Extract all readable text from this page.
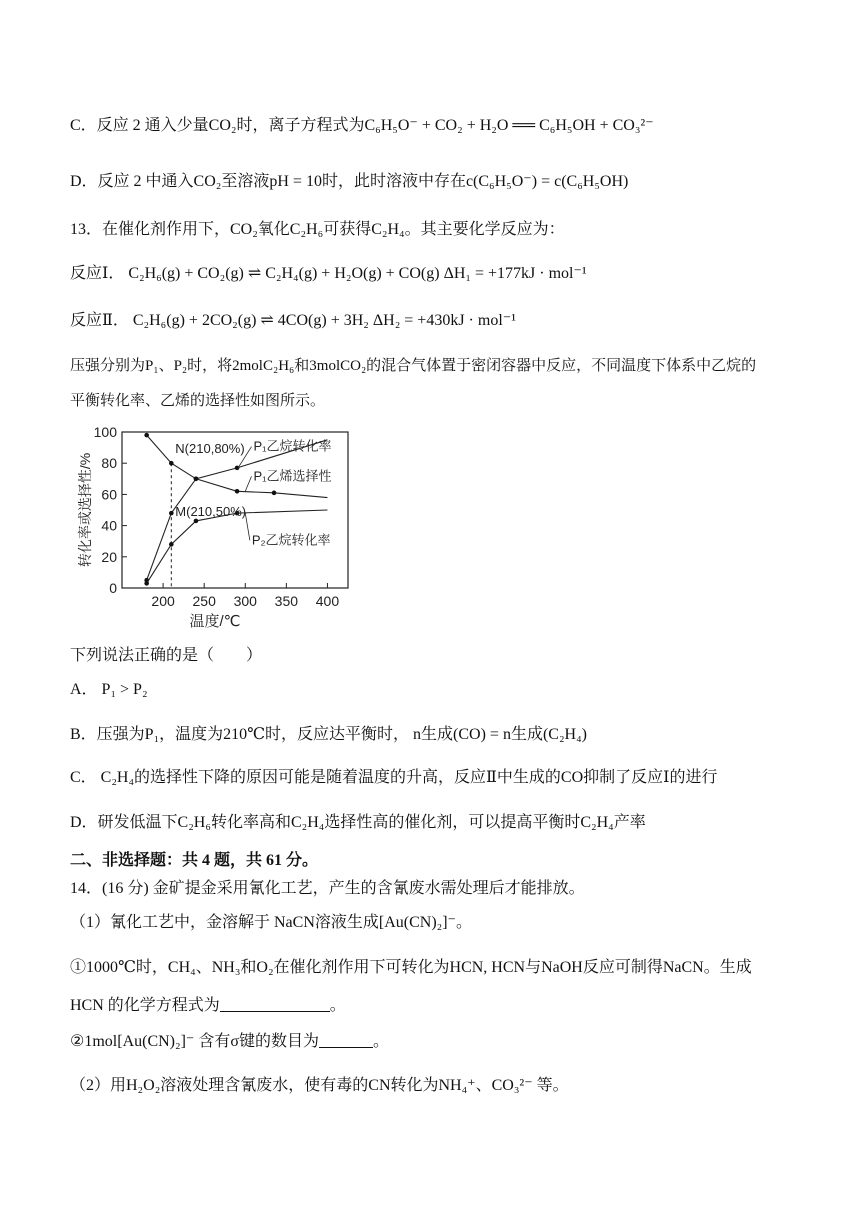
C．反应 2 通入少量CO₂时，离子方程式为C₆H₅O⁻ + CO₂ + H₂O ══ C₆H₅OH + CO₃²⁻
D．反应 2 中通入CO₂至溶液pH = 10时，此时溶液中存在c(C₆H₅O⁻) = c(C₆H₅OH)
13．在催化剂作用下，CO₂氧化C₂H₆可获得C₂H₄。其主要化学反应为：
反应Ⅰ． C₂H₆(g) + CO₂(g) ⇌ C₂H₄(g) + H₂O(g) + CO(g) ΔH₁ = +177kJ · mol⁻¹
反应Ⅱ． C₂H₆(g) + 2CO₂(g) ⇌ 4CO(g) + 3H₂ ΔH₂ = +430kJ · mol⁻¹
压强分别为P₁、P₂时，将2molC₂H₆和3molCO₂的混合气体置于密闭容器中反应，不同温度下体系中乙烷的
平衡转化率、乙烯的选择性如图所示。
0
20
40
60
80
100
200 250 300 350 400
温度/℃
转化率或选择性/%
P₁乙烷转化率
P₁乙烯选择性
P₂乙烷转化率
N(210,80%)
M(210,50%)
下列说法正确的是（　　）
A． P₁ > P₂
B．压强为P₁，温度为210℃时，反应达平衡时， n生成(CO) = n生成(C₂H₄)
C． C₂H₄的选择性下降的原因可能是随着温度的升高，反应Ⅱ中生成的CO抑制了反应Ⅰ的进行
D．研发低温下C₂H₆转化率高和C₂H₄选择性高的催化剂，可以提高平衡时C₂H₄产率
二、非选择题：共 4 题，共 61 分。
14．(16 分) 金矿提金采用氰化工艺，产生的含氰废水需处理后才能排放。
（1）氰化工艺中，金溶解于 NaCN溶液生成[Au(CN)₂]⁻。
①1000℃时，CH₄、NH₃和O₂在催化剂作用下可转化为HCN, HCN与NaOH反应可制得NaCN。生成
HCN 的化学方程式为	。
②1mol[Au(CN)₂]⁻ 含有σ键的数目为	。
（2）用H₂O₂溶液处理含氰废水，使有毒的CN转化为NH₄⁺、CO₃²⁻ 等。
